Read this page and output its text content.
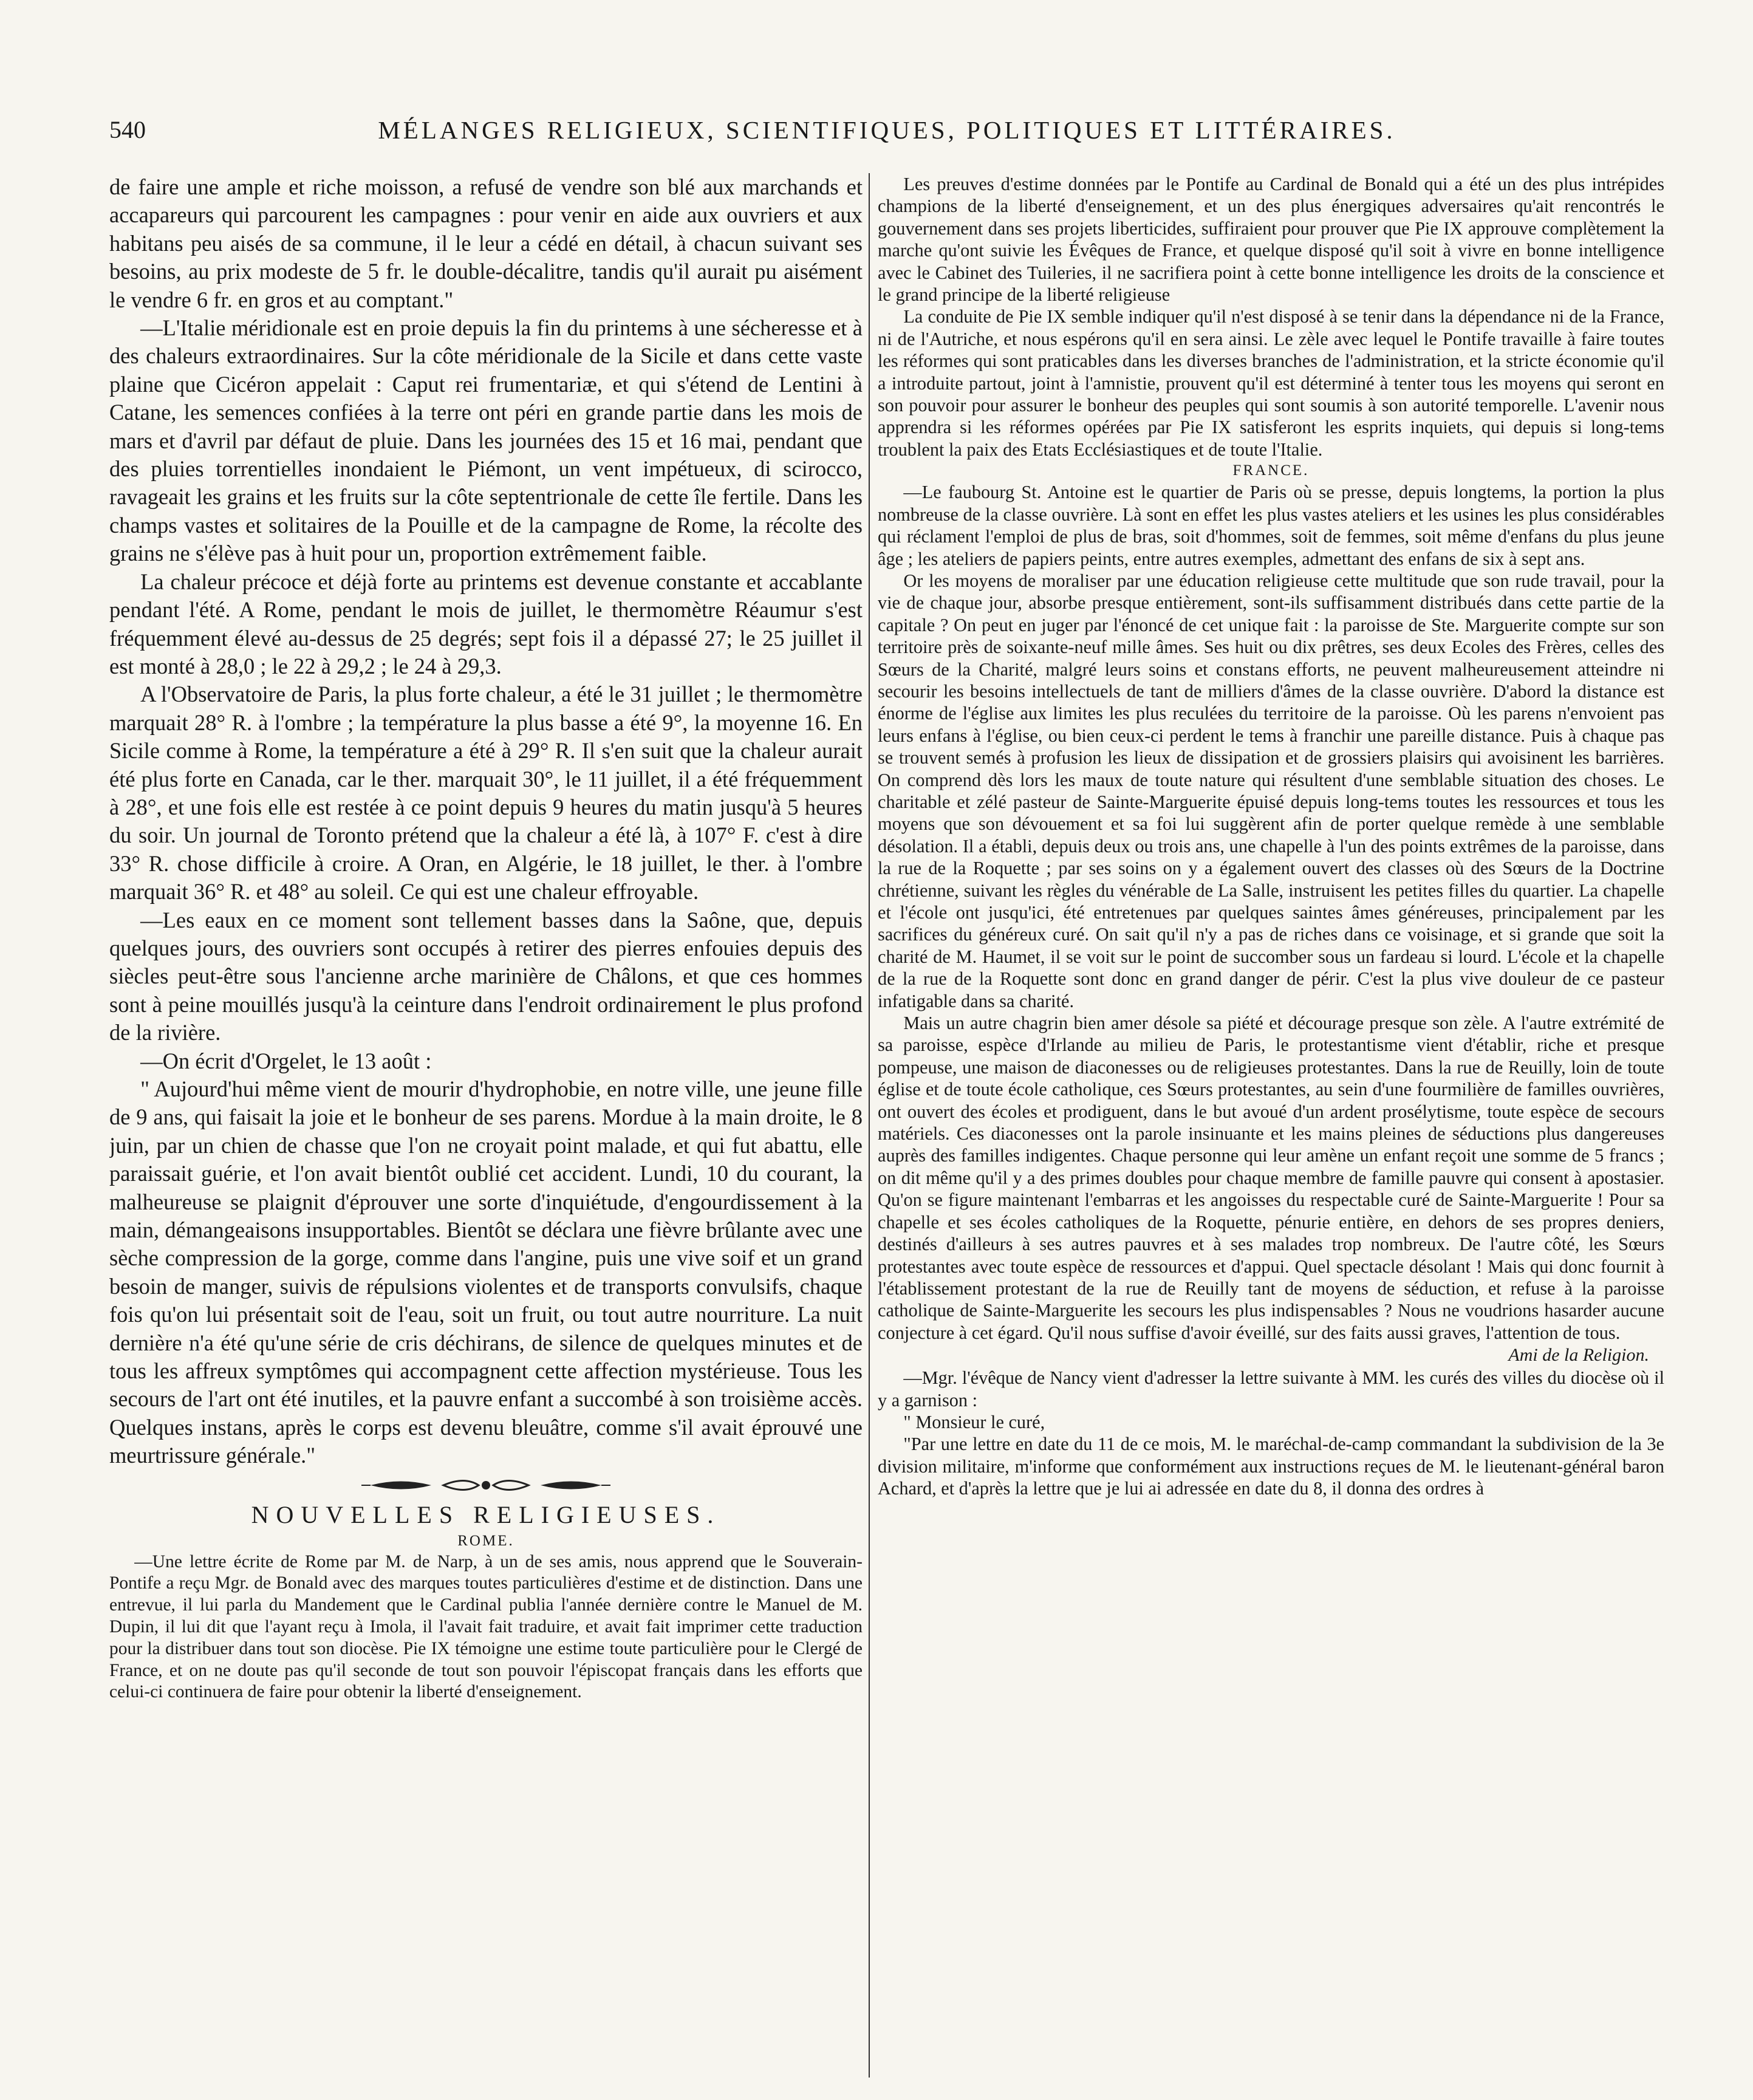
540	MÉLANGES RELIGIEUX, SCIENTIFIQUES, POLITIQUES ET LITTÉRAIRES.

de faire une ample et riche moisson, a refusé de vendre son blé aux marchands et accapareurs qui parcourent les campagnes : pour venir en aide aux ouvriers et aux habitans peu aisés de sa commune, il le leur a cédé en détail, à chacun suivant ses besoins, au prix modeste de 5 fr. le double-décalitre, tandis qu'il aurait pu aisément le vendre 6 fr. en gros et au comptant."

—L'Italie méridionale est en proie depuis la fin du printems à une sécheresse et à des chaleurs extraordinaires. Sur la côte méridionale de la Sicile et dans cette vaste plaine que Cicéron appelait : Caput rei frumentariæ, et qui s'étend de Lentini à Catane, les semences confiées à la terre ont péri en grande partie dans les mois de mars et d'avril par défaut de pluie. Dans les journées des 15 et 16 mai, pendant que des pluies torrentielles inondaient le Piémont, un vent impétueux, di scirocco, ravageait les grains et les fruits sur la côte septentrionale de cette île fertile. Dans les champs vastes et solitaires de la Pouille et de la campagne de Rome, la récolte des grains ne s'élève pas à huit pour un, proportion extrêmement faible.

La chaleur précoce et déjà forte au printems est devenue constante et accablante pendant l'été. A Rome, pendant le mois de juillet, le thermomètre Réaumur s'est fréquemment élevé au-dessus de 25 degrés; sept fois il a dépassé 27; le 25 juillet il est monté à 28,0 ; le 22 à 29,2 ; le 24 à 29,3.

A l'Observatoire de Paris, la plus forte chaleur, a été le 31 juillet ; le thermomètre marquait 28° R. à l'ombre ; la température la plus basse a été 9°, la moyenne 16. En Sicile comme à Rome, la température a été à 29° R. Il s'en suit que la chaleur aurait été plus forte en Canada, car le ther. marquait 30°, le 11 juillet, il a été fréquemment à 28°, et une fois elle est restée à ce point depuis 9 heures du matin jusqu'à 5 heures du soir. Un journal de Toronto prétend que la chaleur a été là, à 107° F. c'est à dire 33° R. chose difficile à croire. A Oran, en Algérie, le 18 juillet, le ther. à l'ombre marquait 36° R. et 48° au soleil. Ce qui est une chaleur effroyable.

—Les eaux en ce moment sont tellement basses dans la Saône, que, depuis quelques jours, des ouvriers sont occupés à retirer des pierres enfouies depuis des siècles peut-être sous l'ancienne arche marinière de Châlons, et que ces hommes sont à peine mouillés jusqu'à la ceinture dans l'endroit ordinairement le plus profond de la rivière.

—On écrit d'Orgelet, le 13 août :

" Aujourd'hui même vient de mourir d'hydrophobie, en notre ville, une jeune fille de 9 ans, qui faisait la joie et le bonheur de ses parens. Mordue à la main droite, le 8 juin, par un chien de chasse que l'on ne croyait point malade, et qui fut abattu, elle paraissait guérie, et l'on avait bientôt oublié cet accident. Lundi, 10 du courant, la malheureuse se plaignit d'éprouver une sorte d'inquiétude, d'engourdissement à la main, démangeaisons insupportables. Bientôt se déclara une fièvre brûlante avec une sèche compression de la gorge, comme dans l'angine, puis une vive soif et un grand besoin de manger, suivis de répulsions violentes et de transports convulsifs, chaque fois qu'on lui présentait soit de l'eau, soit un fruit, ou tout autre nourriture. La nuit dernière n'a été qu'une série de cris déchirans, de silence de quelques minutes et de tous les affreux symptômes qui accompagnent cette affection mystérieuse. Tous les secours de l'art ont été inutiles, et la pauvre enfant a succombé à son troisième accès. Quelques instans, après le corps est devenu bleuâtre, comme s'il avait éprouvé une meurtrissure générale."

NOUVELLES RELIGIEUSES.

ROME.

—Une lettre écrite de Rome par M. de Narp, à un de ses amis, nous apprend que le Souverain-Pontife a reçu Mgr. de Bonald avec des marques toutes particulières d'estime et de distinction. Dans une entrevue, il lui parla du Mandement que le Cardinal publia l'année dernière contre le Manuel de M. Dupin, il lui dit que l'ayant reçu à Imola, il l'avait fait traduire, et avait fait imprimer cette traduction pour la distribuer dans tout son diocèse. Pie IX témoigne une estime toute particulière pour le Clergé de France, et on ne doute pas qu'il seconde de tout son pouvoir l'épiscopat français dans les efforts que celui-ci continuera de faire pour obtenir la liberté d'enseignement.

Les preuves d'estime données par le Pontife au Cardinal de Bonald qui a été un des plus intrépides champions de la liberté d'enseignement, et un des plus énergiques adversaires qu'ait rencontrés le gouvernement dans ses projets liberticides, suffiraient pour prouver que Pie IX approuve complètement la marche qu'ont suivie les Évêques de France, et quelque disposé qu'il soit à vivre en bonne intelligence avec le Cabinet des Tuileries, il ne sacrifiera point à cette bonne intelligence les droits de la conscience et le grand principe de la liberté religieuse

La conduite de Pie IX semble indiquer qu'il n'est disposé à se tenir dans la dépendance ni de la France, ni de l'Autriche, et nous espérons qu'il en sera ainsi. Le zèle avec lequel le Pontife travaille à faire toutes les réformes qui sont praticables dans les diverses branches de l'administration, et la stricte économie qu'il a introduite partout, joint à l'amnistie, prouvent qu'il est déterminé à tenter tous les moyens qui seront en son pouvoir pour assurer le bonheur des peuples qui sont soumis à son autorité temporelle. L'avenir nous apprendra si les réformes opérées par Pie IX satisferont les esprits inquiets, qui depuis si long-tems troublent la paix des Etats Ecclésiastiques et de toute l'Italie.

FRANCE.

—Le faubourg St. Antoine est le quartier de Paris où se presse, depuis longtems, la portion la plus nombreuse de la classe ouvrière. Là sont en effet les plus vastes ateliers et les usines les plus considérables qui réclament l'emploi de plus de bras, soit d'hommes, soit de femmes, soit même d'enfans du plus jeune âge ; les ateliers de papiers peints, entre autres exemples, admettant des enfans de six à sept ans.

Or les moyens de moraliser par une éducation religieuse cette multitude que son rude travail, pour la vie de chaque jour, absorbe presque entièrement, sont-ils suffisamment distribués dans cette partie de la capitale ? On peut en juger par l'énoncé de cet unique fait : la paroisse de Ste. Marguerite compte sur son territoire près de soixante-neuf mille âmes. Ses huit ou dix prêtres, ses deux Ecoles des Frères, celles des Sœurs de la Charité, malgré leurs soins et constans efforts, ne peuvent malheureusement atteindre ni secourir les besoins intellectuels de tant de milliers d'âmes de la classe ouvrière. D'abord la distance est énorme de l'église aux limites les plus reculées du territoire de la paroisse. Où les parens n'envoient pas leurs enfans à l'église, ou bien ceux-ci perdent le tems à franchir une pareille distance. Puis à chaque pas se trouvent semés à profusion les lieux de dissipation et de grossiers plaisirs qui avoisinent les barrières. On comprend dès lors les maux de toute nature qui résultent d'une semblable situation des choses. Le charitable et zélé pasteur de Sainte-Marguerite épuisé depuis long-tems toutes les ressources et tous les moyens que son dévouement et sa foi lui suggèrent afin de porter quelque remède à une semblable désolation. Il a établi, depuis deux ou trois ans, une chapelle à l'un des points extrêmes de la paroisse, dans la rue de la Roquette ; par ses soins on y a également ouvert des classes où des Sœurs de la Doctrine chrétienne, suivant les règles du vénérable de La Salle, instruisent les petites filles du quartier. La chapelle et l'école ont jusqu'ici, été entretenues par quelques saintes âmes généreuses, principalement par les sacrifices du généreux curé. On sait qu'il n'y a pas de riches dans ce voisinage, et si grande que soit la charité de M. Haumet, il se voit sur le point de succomber sous un fardeau si lourd. L'école et la chapelle de la rue de la Roquette sont donc en grand danger de périr. C'est la plus vive douleur de ce pasteur infatigable dans sa charité.

Mais un autre chagrin bien amer désole sa piété et décourage presque son zèle. A l'autre extrémité de sa paroisse, espèce d'Irlande au milieu de Paris, le protestantisme vient d'établir, riche et presque pompeuse, une maison de diaconesses ou de religieuses protestantes. Dans la rue de Reuilly, loin de toute église et de toute école catholique, ces Sœurs protestantes, au sein d'une fourmilière de familles ouvrières, ont ouvert des écoles et prodiguent, dans le but avoué d'un ardent prosélytisme, toute espèce de secours matériels. Ces diaconesses ont la parole insinuante et les mains pleines de séductions plus dangereuses auprès des familles indigentes. Chaque personne qui leur amène un enfant reçoit une somme de 5 francs ; on dit même qu'il y a des primes doubles pour chaque membre de famille pauvre qui consent à apostasier. Qu'on se figure maintenant l'embarras et les angoisses du respectable curé de Sainte-Marguerite ! Pour sa chapelle et ses écoles catholiques de la Roquette, pénurie entière, en dehors de ses propres deniers, destinés d'ailleurs à ses autres pauvres et à ses malades trop nombreux. De l'autre côté, les Sœurs protestantes avec toute espèce de ressources et d'appui. Quel spectacle désolant ! Mais qui donc fournit à l'établissement protestant de la rue de Reuilly tant de moyens de séduction, et refuse à la paroisse catholique de Sainte-Marguerite les secours les plus indispensables ? Nous ne voudrions hasarder aucune conjecture à cet égard. Qu'il nous suffise d'avoir éveillé, sur des faits aussi graves, l'attention de tous.

Ami de la Religion.

—Mgr. l'évêque de Nancy vient d'adresser la lettre suivante à MM. les curés des villes du diocèse où il y a garnison :

" Monsieur le curé,

"Par une lettre en date du 11 de ce mois, M. le maréchal-de-camp commandant la subdivision de la 3e division militaire, m'informe que conformément aux instructions reçues de M. le lieutenant-général baron Achard, et d'après la lettre que je lui ai adressée en date du 8, il donna des ordres à
